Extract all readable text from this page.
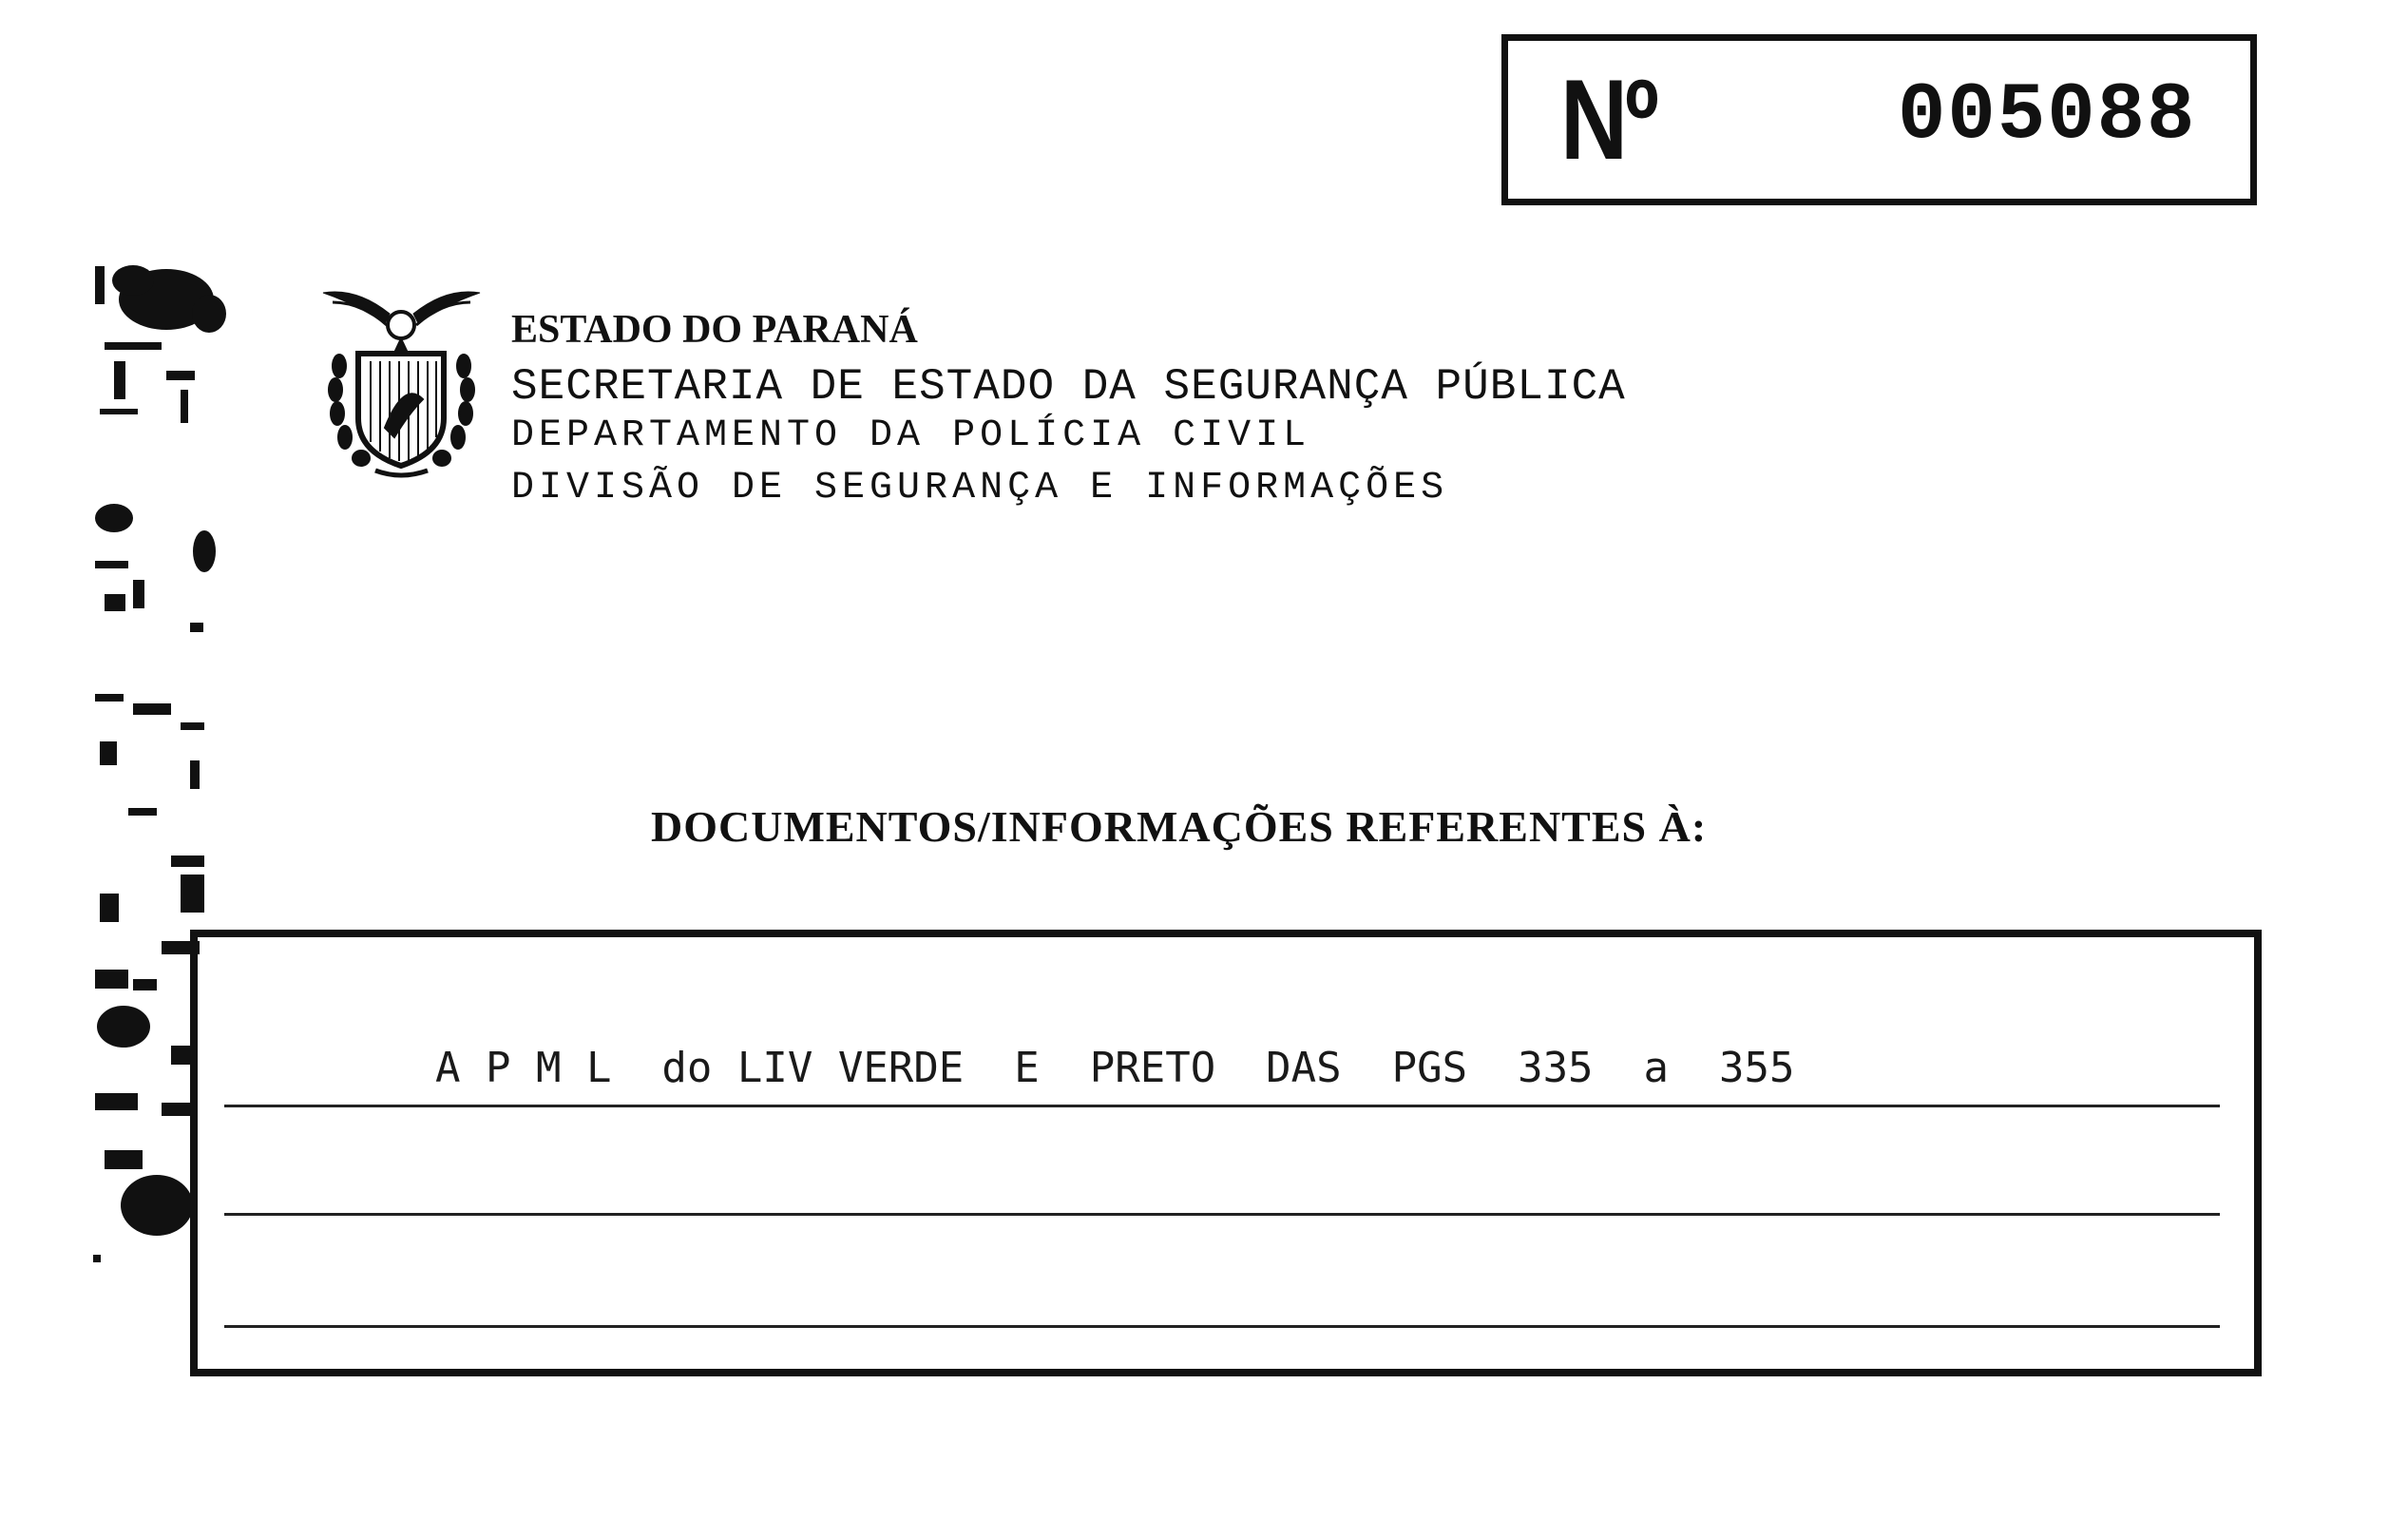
Nº	005088
ESTADO DO PARANÁ
SECRETARIA DE ESTADO DA SEGURANÇA PÚBLICA
DEPARTAMENTO DA POLÍCIA CIVIL
DIVISÃO DE SEGURANÇA E INFORMAÇÕES
DOCUMENTOS/INFORMAÇÕES REFERENTES À:
A P M L  do LIV VERDE  E  PRETO  DAS  PGS  335  a  355
